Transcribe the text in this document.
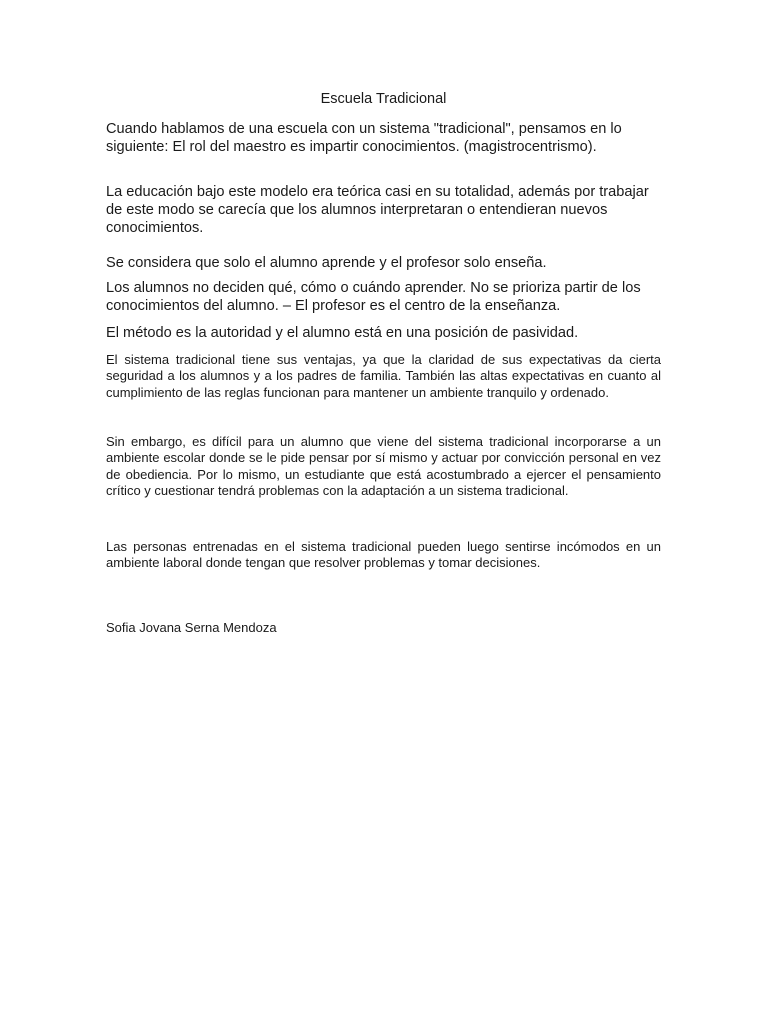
Escuela Tradicional

Cuando hablamos de una escuela con un sistema "tradicional", pensamos en lo siguiente: El rol del maestro es impartir conocimientos. (magistrocentrismo).

La educación bajo este modelo era teórica casi en su totalidad, además por trabajar de este modo se carecía que los alumnos interpretaran o entendieran nuevos conocimientos.

Se considera que solo el alumno aprende y el profesor solo enseña.

Los alumnos no deciden qué, cómo o cuándo aprender. No se prioriza partir de los conocimientos del alumno. – El profesor es el centro de la enseñanza.

El método es la autoridad y el alumno está en una posición de pasividad.

El sistema tradicional tiene sus ventajas, ya que la claridad de sus expectativas da cierta seguridad a los alumnos y a los padres de familia. También las altas expectativas en cuanto al cumplimiento de las reglas funcionan para mantener un ambiente tranquilo y ordenado.

Sin embargo, es difícil para un alumno que viene del sistema tradicional incorporarse a un ambiente escolar donde se le pide pensar por sí mismo y actuar por convicción personal en vez de obediencia. Por lo mismo, un estudiante que está acostumbrado a ejercer el pensamiento crítico y cuestionar tendrá problemas con la adaptación a un sistema tradicional.

Las personas entrenadas en el sistema tradicional pueden luego sentirse incómodos en un ambiente laboral donde tengan que resolver problemas y tomar decisiones.

Sofia Jovana Serna Mendoza
